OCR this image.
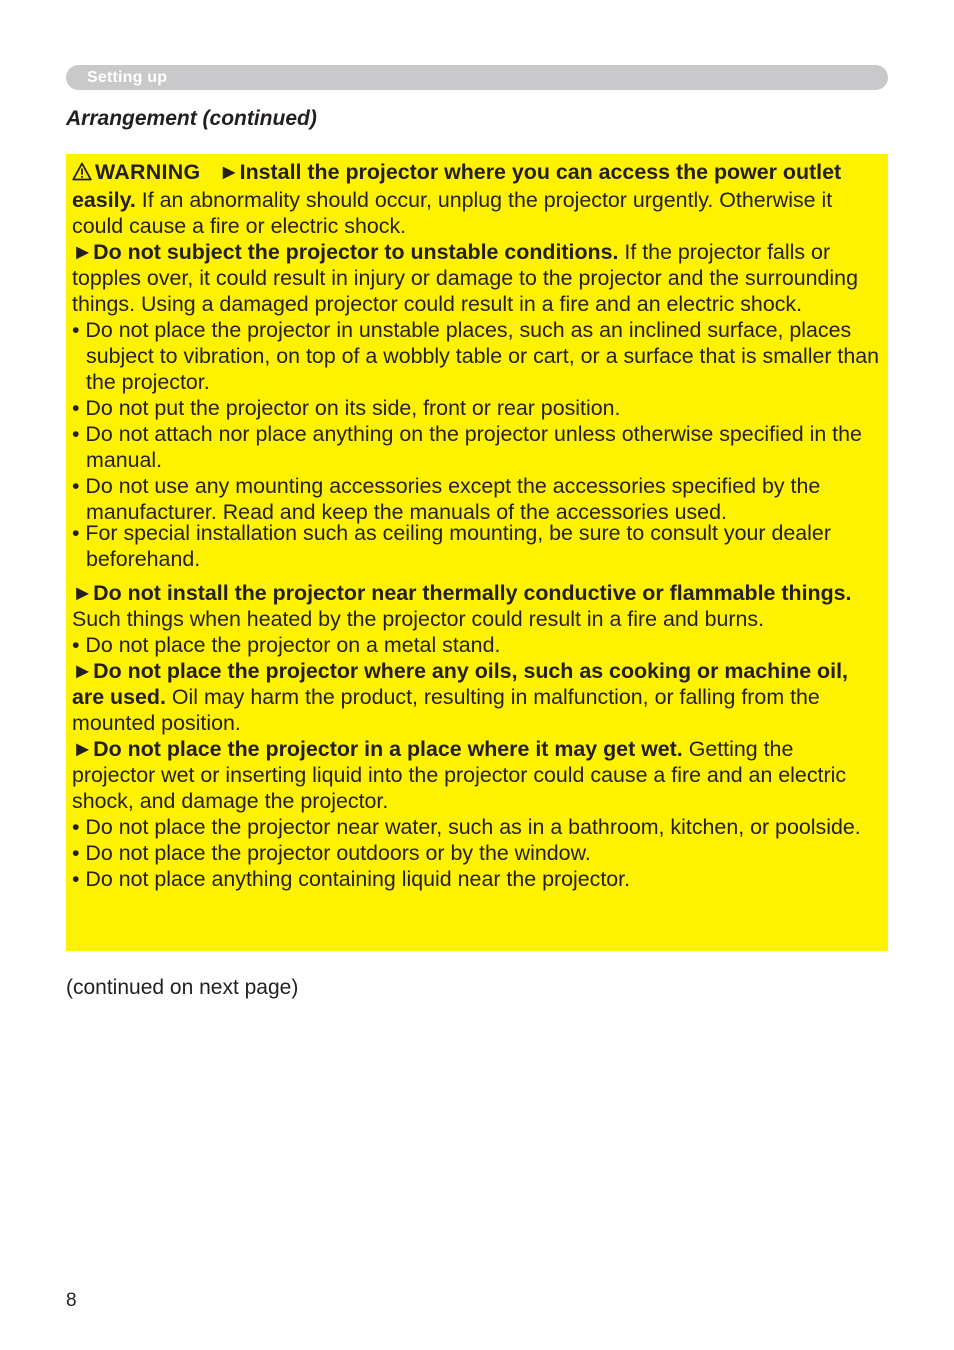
Setting up
Arrangement (continued)

WARNING ►Install the projector where you can access the power outlet easily. If an abnormality should occur, unplug the projector urgently. Otherwise it could cause a fire or electric shock.

►Do not subject the projector to unstable conditions. If the projector falls or topples over, it could result in injury or damage to the projector and the surrounding things. Using a damaged projector could result in a fire and an electric shock.

• Do not place the projector in unstable places, such as an inclined surface, places subject to vibration, on top of a wobbly table or cart, or a surface that is smaller than the projector.

• Do not put the projector on its side, front or rear position.

• Do not attach nor place anything on the projector unless otherwise specified in the manual.

• Do not use any mounting accessories except the accessories specified by the manufacturer. Read and keep the manuals of the accessories used.

• For special installation such as ceiling mounting, be sure to consult your dealer beforehand.

►Do not install the projector near thermally conductive or flammable things. Such things when heated by the projector could result in a fire and burns.

• Do not place the projector on a metal stand.

►Do not place the projector where any oils, such as cooking or machine oil, are used. Oil may harm the product, resulting in malfunction, or falling from the mounted position.

►Do not place the projector in a place where it may get wet. Getting the projector wet or inserting liquid into the projector could cause a fire and an electric shock, and damage the projector.

• Do not place the projector near water, such as in a bathroom, kitchen, or poolside.

• Do not place the projector outdoors or by the window.

• Do not place anything containing liquid near the projector.

(continued on next page)
8
